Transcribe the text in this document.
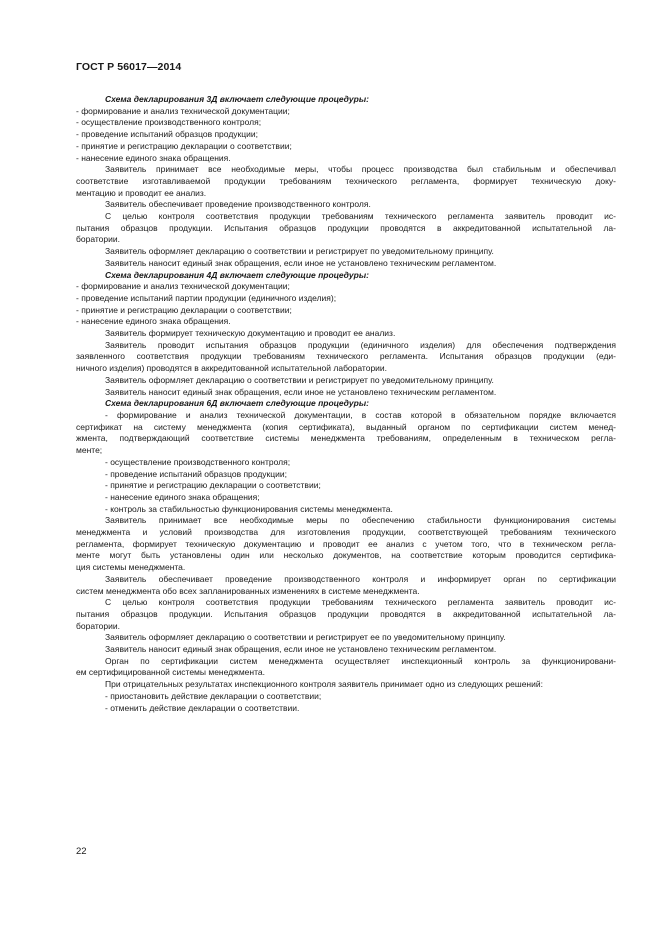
ГОСТ Р 56017—2014

Схема декларирования 3Д включает следующие процедуры:

- формирование и анализ технической документации;

- осуществление производственного контроля;

- проведение испытаний образцов продукции;

- принятие и регистрацию декларации о соответствии;

- нанесение единого знака обращения.

Заявитель принимает все необходимые меры, чтобы процесс производства был стабильным и обеспечивал

соответствие изготавливаемой продукции требованиям технического регламента, формирует техническую доку-

ментацию и проводит ее анализ.

Заявитель обеспечивает проведение производственного контроля.

С целью контроля соответствия продукции требованиям технического регламента заявитель проводит ис-

пытания образцов продукции. Испытания образцов продукции проводятся в аккредитованной испытательной ла-

боратории.

Заявитель оформляет декларацию о соответствии и регистрирует по уведомительному принципу.

Заявитель наносит единый знак обращения, если иное не установлено техническим регламентом.

Схема декларирования 4Д включает следующие процедуры:

- формирование и анализ технической документации;

- проведение испытаний партии продукции (единичного изделия);

- принятие и регистрацию декларации о соответствии;

- нанесение единого знака обращения.

Заявитель формирует техническую документацию и проводит ее анализ.

Заявитель проводит испытания образцов продукции (единичного изделия) для обеспечения подтверждения

заявленного соответствия продукции требованиям технического регламента. Испытания образцов продукции (еди-

ничного изделия) проводятся в аккредитованной испытательной лаборатории.

Заявитель оформляет декларацию о соответствии и регистрирует по уведомительному принципу.

Заявитель наносит единый знак обращения, если иное не установлено техническим регламентом.

Схема декларирования 6Д включает следующие процедуры:

- формирование и анализ технической документации, в состав которой в обязательном порядке включается

сертификат на систему менеджмента (копия сертификата), выданный органом по сертификации систем менед-

жмента, подтверждающий соответствие системы менеджмента требованиям, определенным в техническом регла-

менте;

- осуществление производственного контроля;

- проведение испытаний образцов продукции;

- принятие и регистрацию декларации о соответствии;

- нанесение единого знака обращения;

- контроль за стабильностью функционирования системы менеджмента.

Заявитель принимает все необходимые меры по обеспечению стабильности функционирования системы

менеджмента и условий производства для изготовления продукции, соответствующей требованиям технического

регламента, формирует техническую документацию и проводит ее анализ с учетом того, что в техническом регла-

менте могут быть установлены один или несколько документов, на соответствие которым проводится сертифика-

ция системы менеджмента.

Заявитель обеспечивает проведение производственного контроля и информирует орган по сертификации

систем менеджмента обо всех запланированных изменениях в системе менеджмента.

С целью контроля соответствия продукции требованиям технического регламента заявитель проводит ис-

пытания образцов продукции. Испытания образцов продукции проводятся в аккредитованной испытательной ла-

боратории.

Заявитель оформляет декларацию о соответствии и регистрирует ее по уведомительному принципу.

Заявитель наносит единый знак обращения, если иное не установлено техническим регламентом.

Орган по сертификации систем менеджмента осуществляет инспекционный контроль за функционировани-

ем сертифицированной системы менеджмента.

При отрицательных результатах инспекционного контроля заявитель принимает одно из следующих решений:

- приостановить действие декларации о соответствии;

- отменить действие декларации о соответствии.

22
